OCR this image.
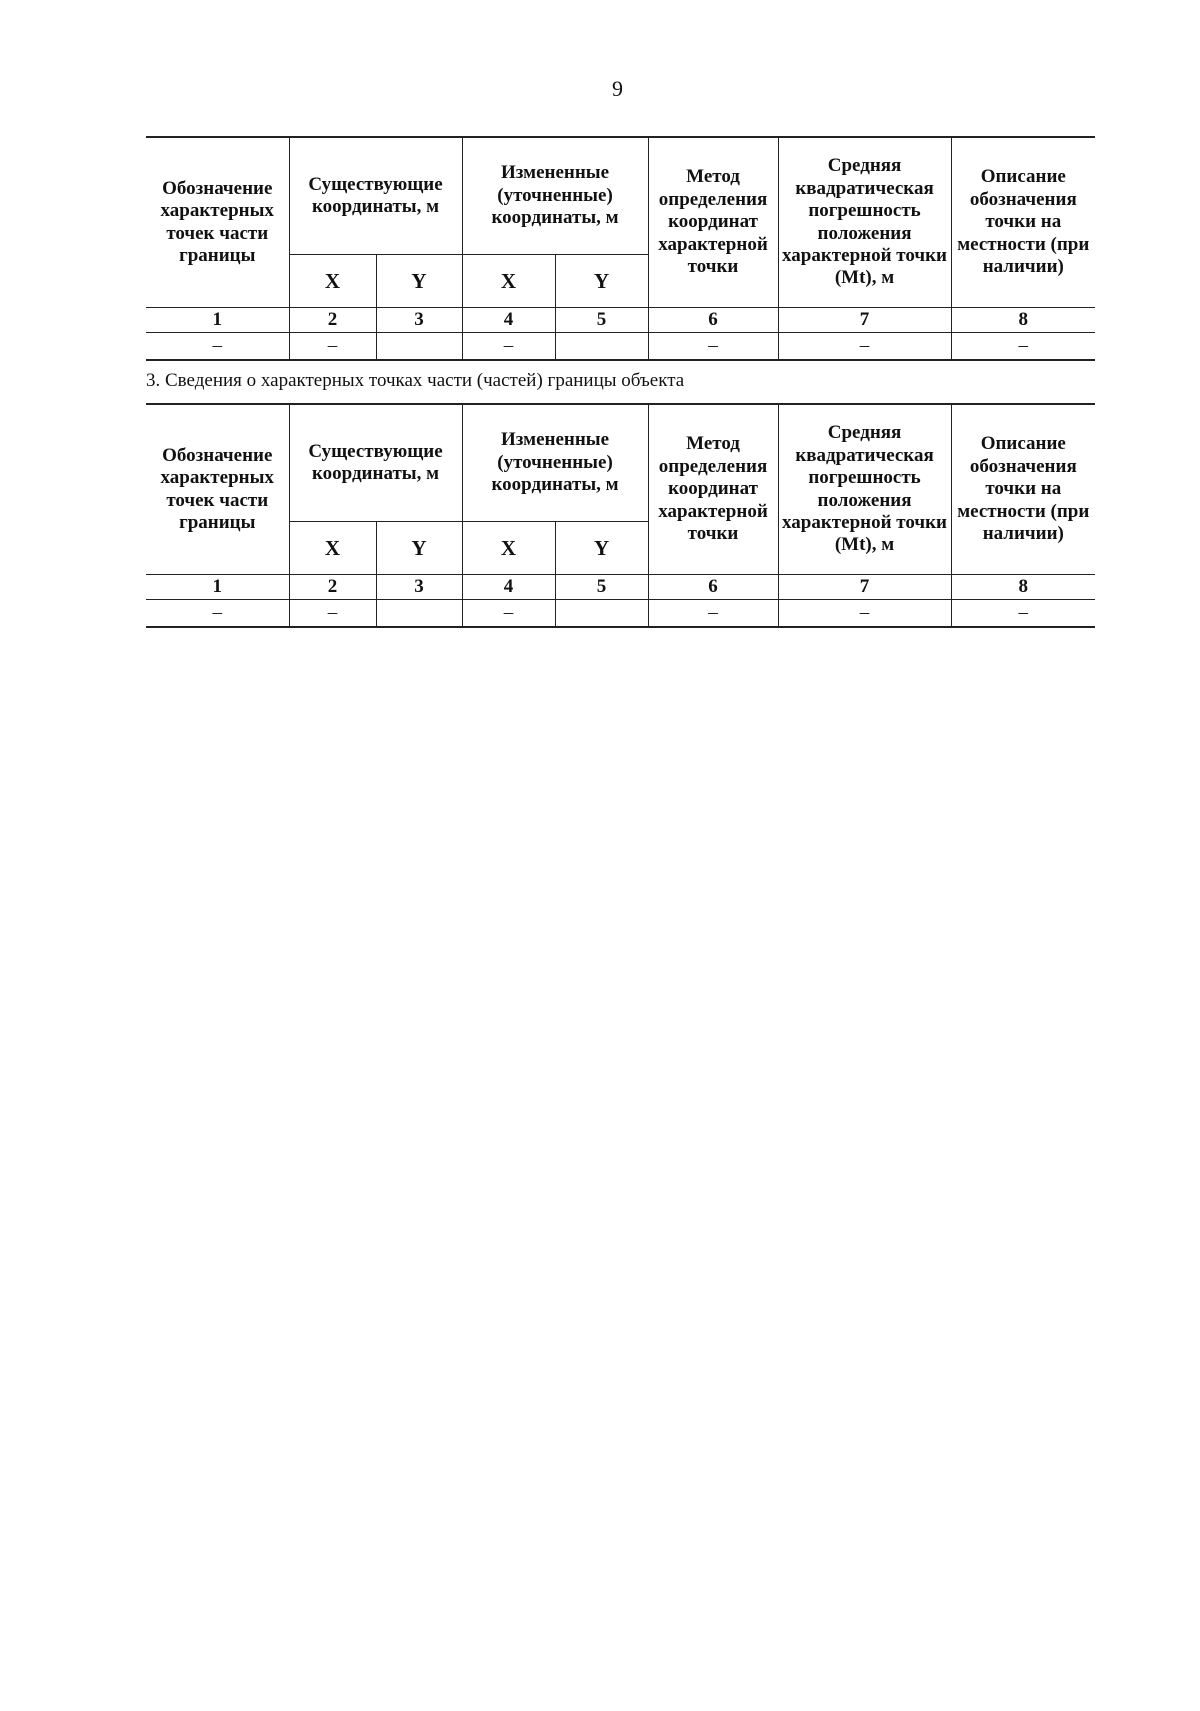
9
Обозначение характерных точек части границы	Существующие координаты, м		Измененные (уточненные) координаты, м		Метод определения координат характерной точки	Средняя квадратическая погрешность положения характерной точки (Mt), м	Описание обозначения точки на местности (при наличии)
	X	Y	X	Y			
1	2	3	4	5	6	7	8
–	–		–		–	–	–
3. Сведения о характерных точках части (частей) границы объекта
Обозначение характерных точек части границы	Существующие координаты, м		Измененные (уточненные) координаты, м		Метод определения координат характерной точки	Средняя квадратическая погрешность положения характерной точки (Mt), м	Описание обозначения точки на местности (при наличии)
	X	Y	X	Y			
1	2	3	4	5	6	7	8
–	–		–		–	–	–
